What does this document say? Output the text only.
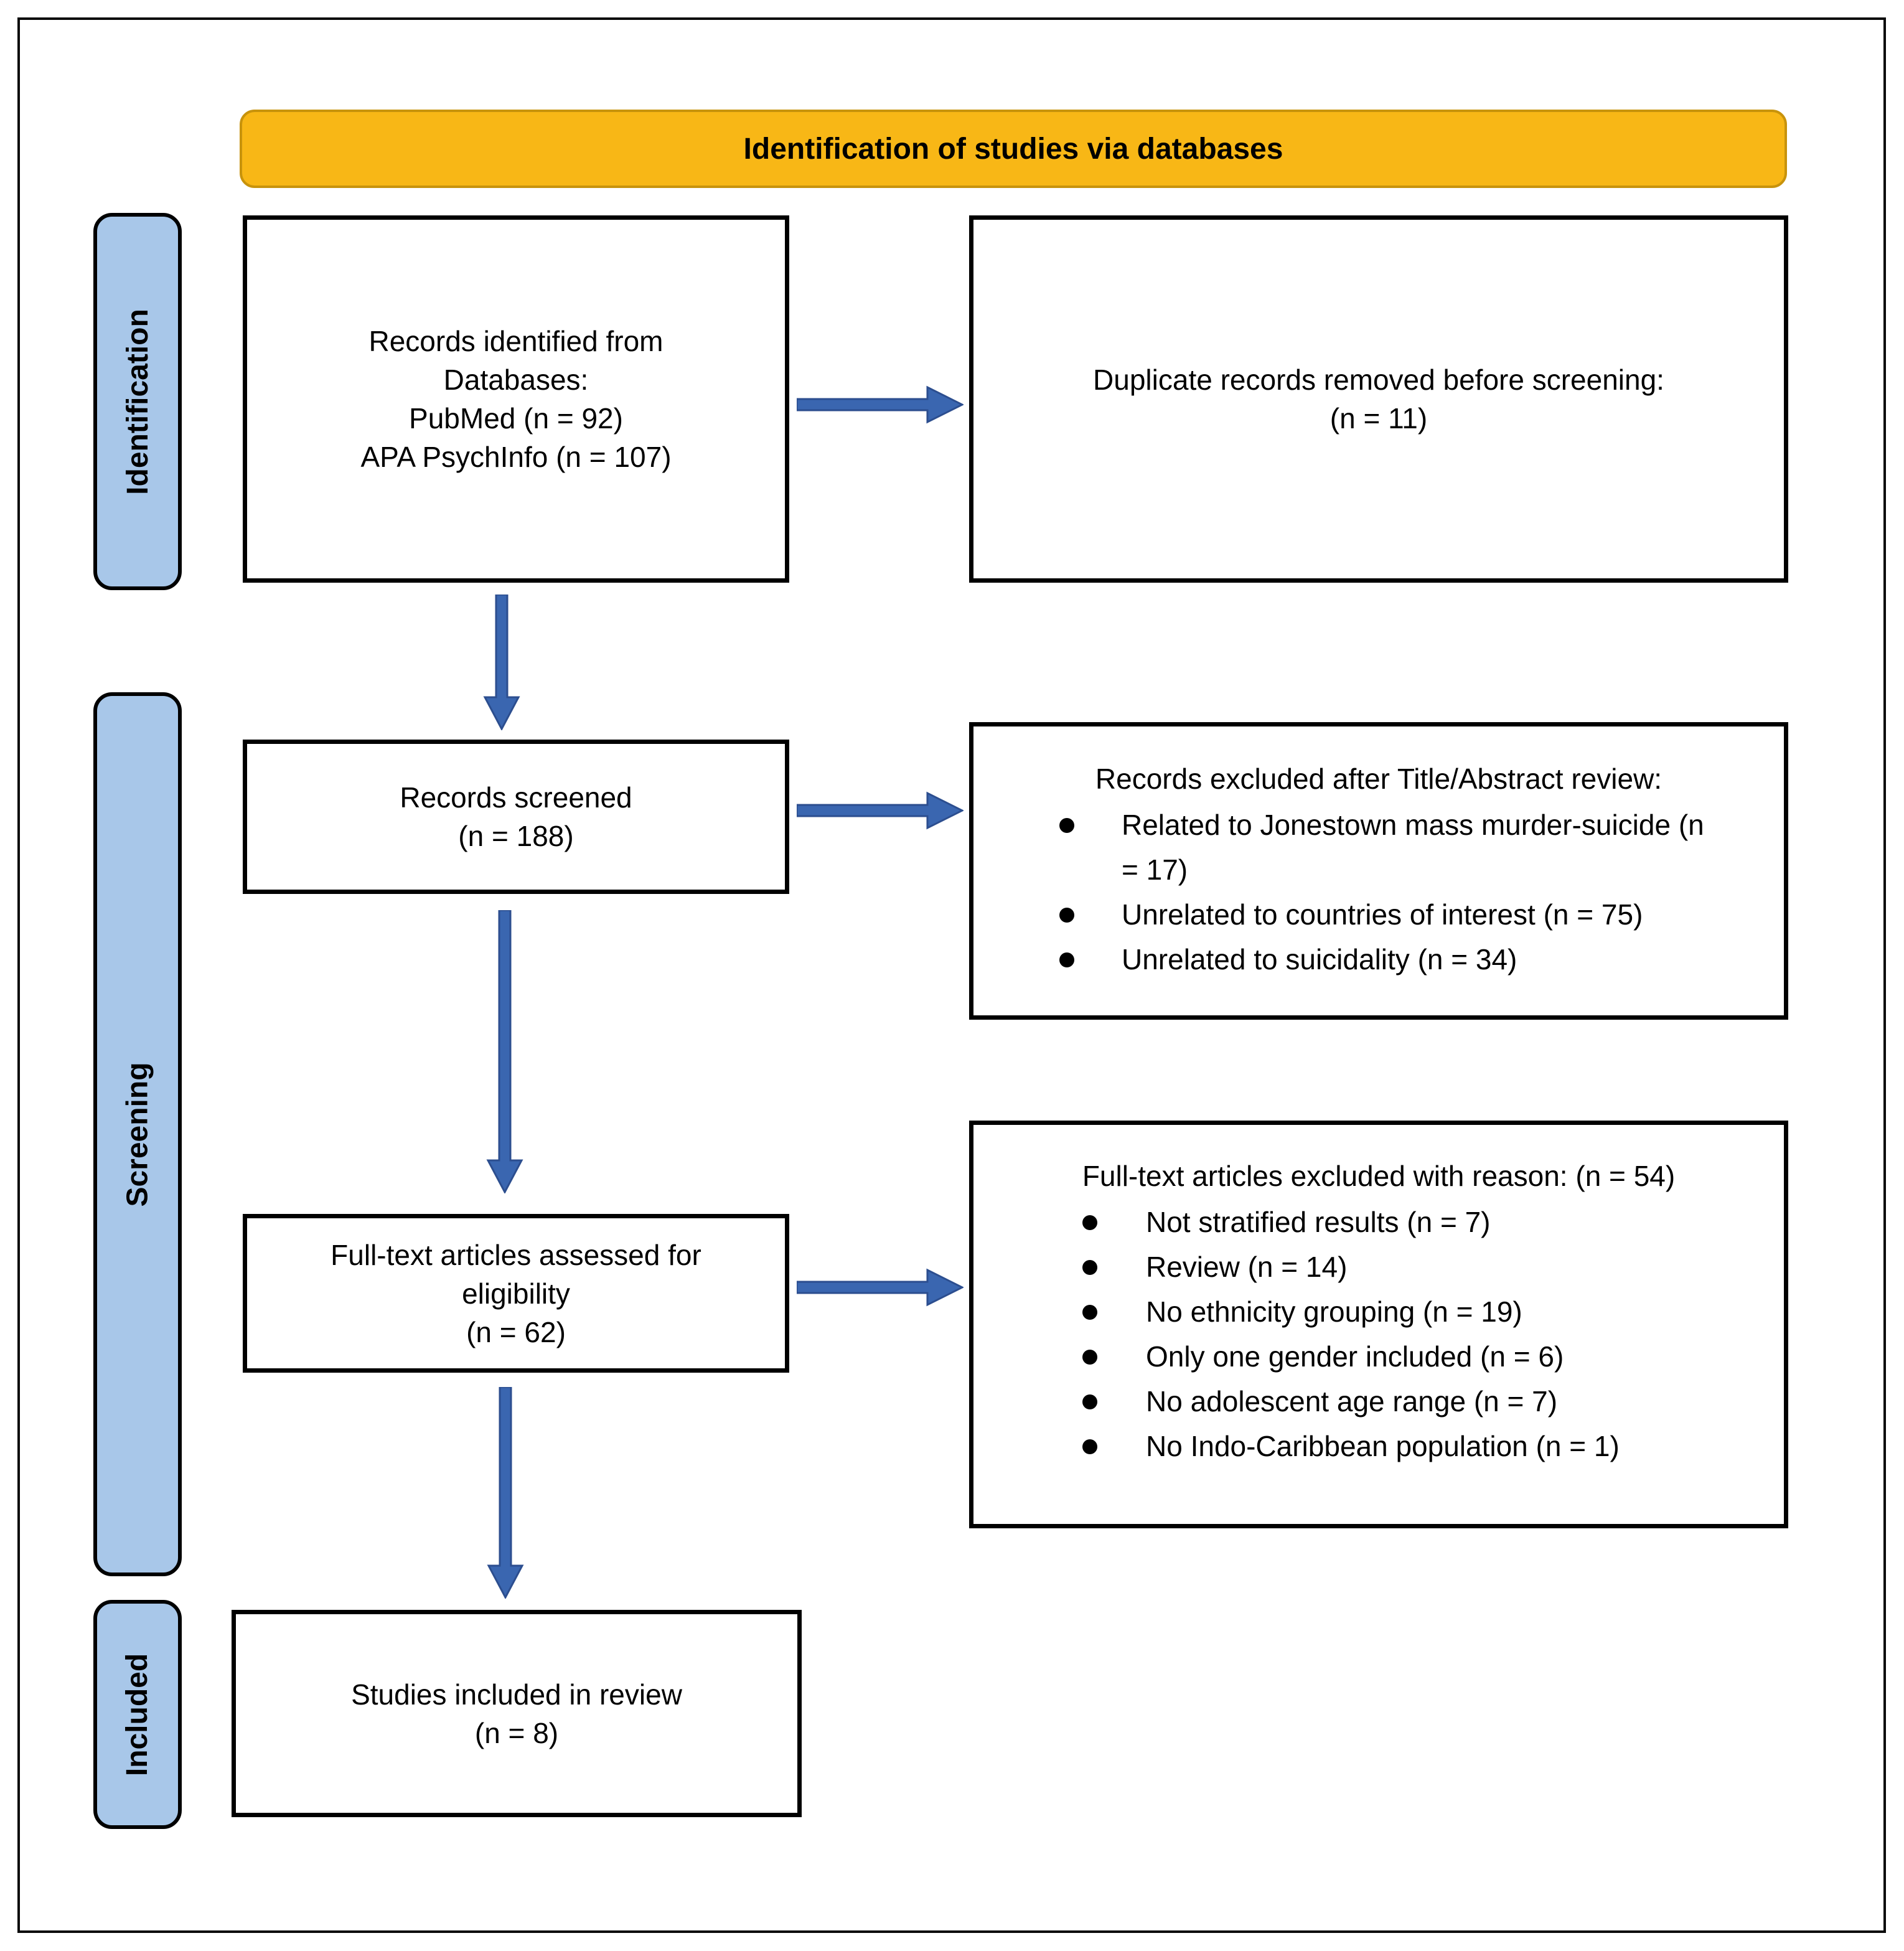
Identification of studies via databases
Identification
Screening
Included
Records identified from
Databases:
PubMed (n = 92)
APA PsychInfo (n = 107)
Duplicate records removed before screening:
(n = 11)
Records screened
(n = 188)
Records excluded after Title/Abstract review:
Related to Jonestown mass murder-suicide (n = 17)
Unrelated to countries of interest (n = 75)
Unrelated to suicidality (n = 34)
Full-text articles assessed for
eligibility
(n = 62)
Full-text articles excluded with reason: (n = 54)
Not stratified results (n = 7)
Review (n = 14)
No ethnicity grouping (n = 19)
Only one gender included (n = 6)
No adolescent age range (n = 7)
No Indo-Caribbean population (n = 1)
Studies included in review
(n = 8)
